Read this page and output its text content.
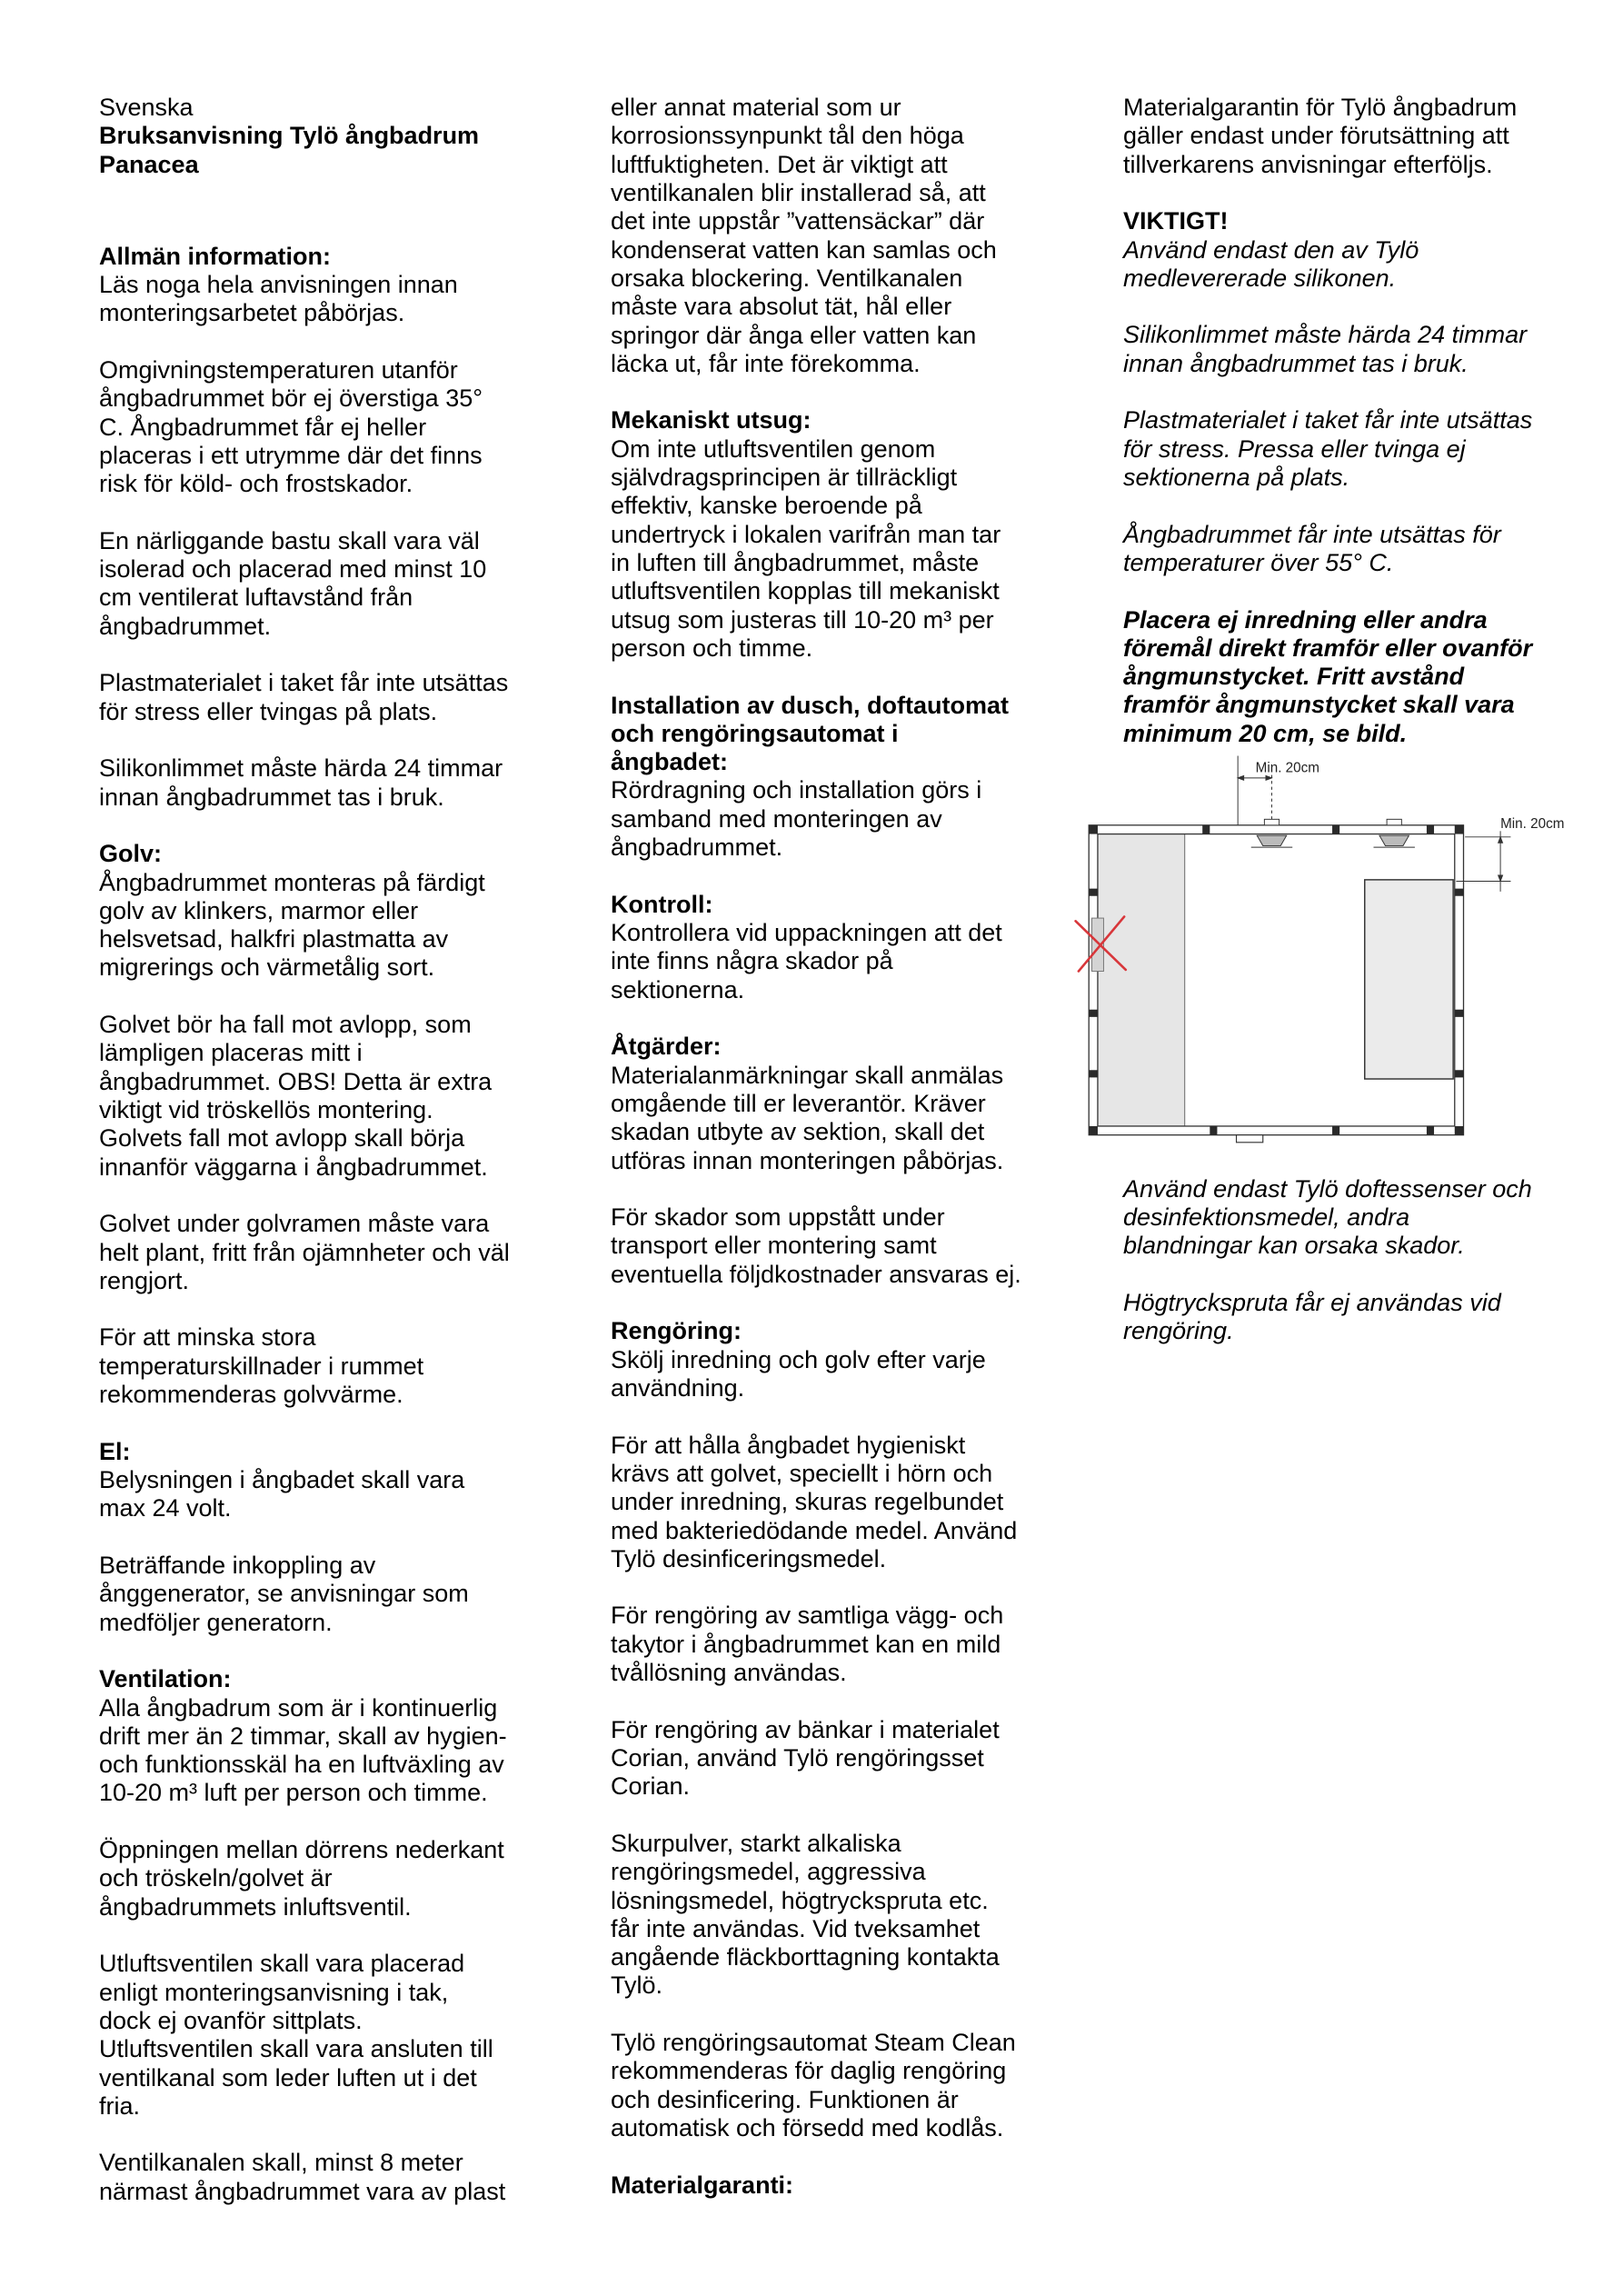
Svenska
Bruksanvisning Tylö ångbadrum
Panacea
Allmän information:
Läs noga hela anvisningen innan
monteringsarbetet påbörjas.
Omgivningstemperaturen utanför
ångbadrummet bör ej överstiga 35°
C. Ångbadrummet får ej heller
placeras i ett utrymme där det finns
risk för köld- och frostskador.
En närliggande bastu skall vara väl
isolerad och placerad med minst 10
cm ventilerat luftavstånd från
ångbadrummet.
Plastmaterialet i taket får inte utsättas
för stress eller tvingas på plats.
Silikonlimmet måste härda 24 timmar
innan ångbadrummet tas i bruk.
Golv:
Ångbadrummet monteras på färdigt
golv av klinkers, marmor eller
helsvetsad, halkfri plastmatta av
migrerings och värmetålig sort.
Golvet bör ha fall mot avlopp, som
lämpligen placeras mitt i
ångbadrummet. OBS! Detta är extra
viktigt vid tröskellös montering.
Golvets fall mot avlopp skall börja
innanför väggarna i ångbadrummet.
Golvet under golvramen måste vara
helt plant, fritt från ojämnheter och väl
rengjort.
För att minska stora
temperaturskillnader i rummet
rekommenderas golvvärme.
El:
Belysningen i ångbadet skall vara
max 24 volt.
Beträffande inkoppling av
ånggenerator, se anvisningar som
medföljer generatorn.
Ventilation:
Alla ångbadrum som är i kontinuerlig
drift mer än 2 timmar, skall av hygien-
och funktionsskäl ha en luftväxling av
10-20 m³ luft per person och timme.
Öppningen mellan dörrens nederkant
och tröskeln/golvet är
ångbadrummets inluftsventil.
Utluftsventilen skall vara placerad
enligt monteringsanvisning i tak,
dock ej ovanför sittplats.
Utluftsventilen skall vara ansluten till
ventilkanal som leder luften ut i det
fria.
Ventilkanalen skall, minst 8 meter
närmast ångbadrummet vara av plast
eller annat material som ur
korrosionssynpunkt tål den höga
luftfuktigheten. Det är viktigt att
ventilkanalen blir installerad så, att
det inte uppstår ”vattensäckar” där
kondenserat vatten kan samlas och
orsaka blockering. Ventilkanalen
måste vara absolut tät, hål eller
springor där ånga eller vatten kan
läcka ut, får inte förekomma.
Mekaniskt utsug:
Om inte utluftsventilen genom
självdragsprincipen är tillräckligt
effektiv, kanske beroende på
undertryck i lokalen varifrån man tar
in luften till ångbadrummet, måste
utluftsventilen kopplas till mekaniskt
utsug som justeras till 10-20 m³ per
person och timme.
Installation av dusch, doftautomat
och rengöringsautomat i
ångbadet:
Rördragning och installation görs i
samband med monteringen av
ångbadrummet.
Kontroll:
Kontrollera vid uppackningen att det
inte finns några skador på
sektionerna.
Åtgärder:
Materialanmärkningar skall anmälas
omgående till er leverantör. Kräver
skadan utbyte av sektion, skall det
utföras innan monteringen påbörjas.
För skador som uppstått under
transport eller montering samt
eventuella följdkostnader ansvaras ej.
Rengöring:
Skölj inredning och golv efter varje
användning.
För att hålla ångbadet hygieniskt
krävs att golvet, speciellt i hörn och
under inredning, skuras regelbundet
med bakteriedödande medel. Använd
Tylö desinficeringsmedel.
För rengöring av samtliga vägg- och
takytor i ångbadrummet kan en mild
tvållösning användas.
För rengöring av bänkar i materialet
Corian, använd Tylö rengöringsset
Corian.
Skurpulver, starkt alkaliska
rengöringsmedel, aggressiva
lösningsmedel, högtryckspruta etc.
får inte användas. Vid tveksamhet
angående fläckborttagning kontakta
Tylö.
Tylö rengöringsautomat Steam Clean
rekommenderas för daglig rengöring
och desinficering. Funktionen är
automatisk och försedd med kodlås.
Materialgaranti:
Materialgarantin för Tylö ångbadrum
gäller endast under förutsättning att
tillverkarens anvisningar efterföljs.
VIKTIGT!
Använd endast den av Tylö
medlevererade silikonen.
Silikonlimmet måste härda 24 timmar
innan ångbadrummet tas i bruk.
Plastmaterialet i taket får inte utsättas
för stress. Pressa eller tvinga ej
sektionerna på plats.
Ångbadrummet får inte utsättas för
temperaturer över 55° C.
Placera ej inredning eller andra
föremål direkt framför eller ovanför
ångmunstycket. Fritt avstånd
framför ångmunstycket skall vara
minimum 20 cm, se bild.
Använd endast Tylö doftessenser och
desinfektionsmedel, andra
blandningar kan orsaka skador.
Högtryckspruta får ej användas vid
rengöring.
Min. 20cm
Min. 20cm
